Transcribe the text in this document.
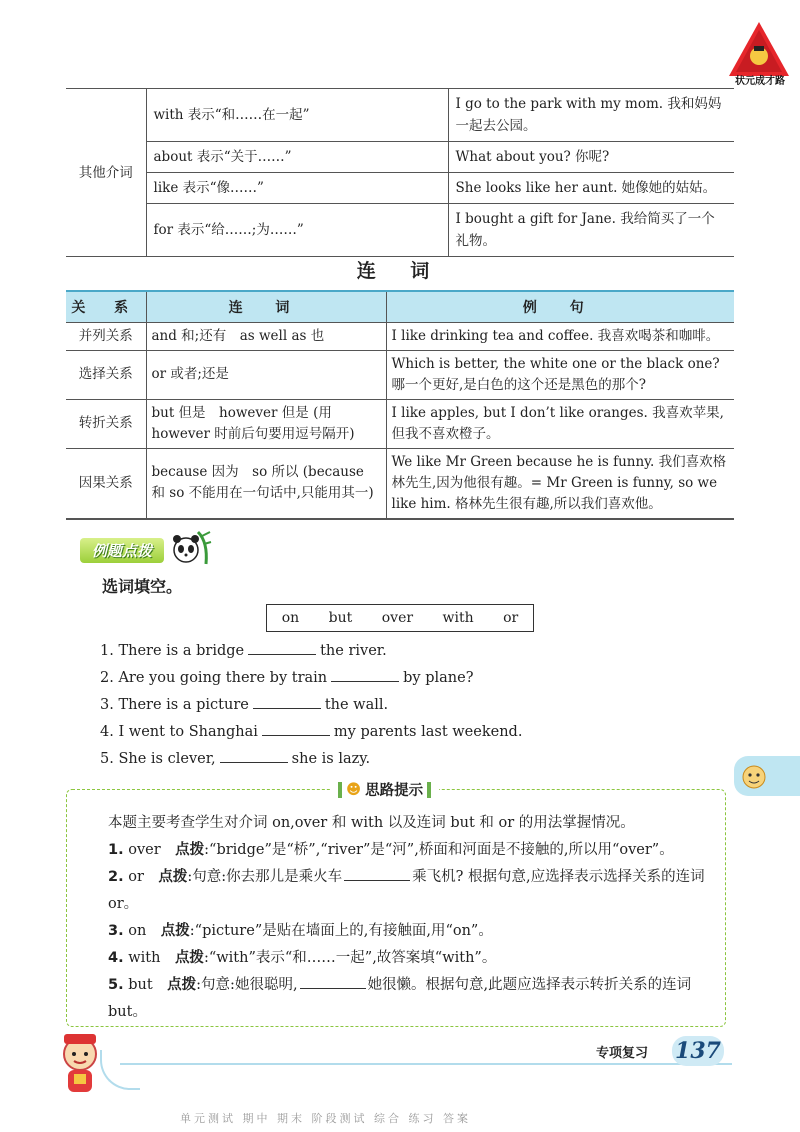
状元成才路
其他介词	with 表示“和……在一起”	I go to the park with my mom. 我和妈妈一起去公园。
	about 表示“关于……”	What about you? 你呢?
	like 表示“像……”	She looks like her aunt. 她像她的姑姑。
	for 表示“给……;为……”	I bought a gift for Jane. 我给简买了一个礼物。
连 词
关 系	连 词	例 句
并列关系	and 和;还有　as well as 也	I like drinking tea and coffee. 我喜欢喝茶和咖啡。
选择关系	or 或者;还是	Which is better, the white one or the black one? 哪一个更好,是白色的这个还是黑色的那个?
转折关系	but 但是　however 但是 (用 however 时前后句要用逗号隔开)	I like apples, but I don’t like oranges. 我喜欢苹果,但我不喜欢橙子。
因果关系	because 因为　so 所以 (because 和 so 不能用在一句话中,只能用其一)	We like Mr Green because he is funny. 我们喜欢格林先生,因为他很有趣。= Mr Green is funny, so we like him. 格林先生很有趣,所以我们喜欢他。
例题点拨
选词填空。
on but over with or
1. There is a bridge	the river.
2. Are you going there by train	by plane?
3. There is a picture	the wall.
4. I went to Shanghai	my parents last weekend.
5. She is clever,	she is lazy.
☻ 思路提示

本题主要考查学生对介词 on,over 和 with 以及连词 but 和 or 的用法掌握情况。

1. over　 点拨:“bridge”是“桥”,“river”是“河”,桥面和河面是不接触的,所以用“over”。

2. or　 点拨:句意:你去那儿是乘火车	乘飞机? 根据句意,应选择表示选择关系的连词 or。

3. on　 点拨:“picture”是贴在墙面上的,有接触面,用“on”。

4. with　 点拨:“with”表示“和……一起”,故答案填“with”。

5. but　 点拨:句意:她很聪明,	她很懒。根据句意,此题应选择表示转折关系的连词 but。

专项复习 137
单元测试 期中 期末 阶段测试 综合 练习 答案
